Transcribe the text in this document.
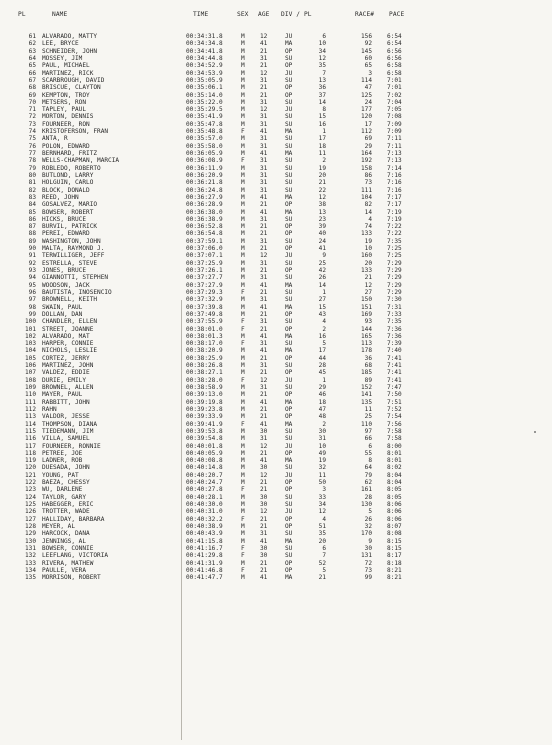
PL	NAME	TIME	SEX AGE DIV / PL	RACE# PACE
61 ALVARADO, MATTY	00:34:31.8	M	12	JU	6	156 6:54
62 LEE, BRYCE	00:34:34.8	M	41	MA	10	92 6:54
63 SCHNEIDER, JOHN	00:34:41.8	M	21	OP	34	145 6:56
64 MOSSEY, JIM	00:34:44.8	M	31	SU	12	60 6:56
65 PAUL, MICHAEL	00:34:52.9	M	21	OP	35	65 6:58
66 MARTINEZ, RICK	00:34:53.9	M	12	JU	7	3 6:58
67 SCARBROUGH, DAVID	00:35:05.9	M	31	SU	13	114 7:01
68 BRISCUE, CLAYTON	00:35:06.1	M	21	OP	36	47 7:01
69 KEMPTON, TROY	00:35:14.0	M	21	OP	37	125 7:02
70 METSERS, RON	00:35:22.0	M	31	SU	14	24 7:04
71 TAPLEY, PAUL	00:35:29.5	M	12	JU	8	177 7:05
72 MORTON, DENNIS	00:35:41.9	M	31	SU	15	120 7:08
73 FOURNEER, RON	00:35:47.8	M	31	SU	16	17 7:09
74 KRISTOFERSON, FRAN	00:35:48.8	F	41	MA	1	112 7:09
75 ANTA, R	00:35:57.0	M	31	SU	17	69 7:11
76 POLON, EDWARD	00:35:58.0	M	31	SU	18	29 7:11
77 BERNHARD, FRITZ	00:36:05.9	M	41	MA	11	164 7:13
78 WELLS-CHAPMAN, MARCIA	00:36:08.9	F	31	SU	2	192 7:13
79 ROBLEDO, ROBERTO	00:36:11.9	M	31	SU	19	158 7:14
80 BUTLOND, LARRY	00:36:20.9	M	31	SU	20	86 7:16
81 HOLGUIN, CARLO	00:36:21.8	M	31	SU	21	73 7:16
82 BLOCK, DONALD	00:36:24.8	M	31	SU	22	111 7:16
83 REED, JOHN	00:36:27.9	M	41	MA	12	104 7:17
84 GOSALVEZ, MARIO	00:36:28.9	M	21	OP	38	82 7:17
85 BOWSER, ROBERT	00:36:38.0	M	41	MA	13	14 7:19
86 HICKS, BRUCE	00:36:38.9	M	31	SU	23	4 7:19
87 BURVIL, PATRICK	00:36:52.8	M	21	OP	39	74 7:22
88 PEREI, EDWARD	00:36:54.8	M	21	OP	40	133 7:22
89 WASHINGTON, JOHN	00:37:59.1	M	31	SU	24	19 7:35
90 MALTA, RAYMOND J.	00:37:06.0	M	21	OP	41	10 7:25
91 TERWILLIGER, JEFF	00:37:07.1	M	12	JU	9	160 7:25
92 ESTRELLA, STEVE	00:37:25.9	M	31	SU	25	20 7:29
93 JONES, BRUCE	00:37:26.1	M	21	OP	42	133 7:29
94 GIANNOTTI, STEPHEN	00:37:27.7	M	31	SU	26	21 7:29
95 WOODSON, JACK	00:37:27.9	M	41	MA	14	12 7:29
96 BAUTISTA, INOSENCIO	00:37:29.3	F	21	SU	1	27 7:29
97 BROWNELL, KEITH	00:37:32.9	M	31	SU	27	150 7:30
98 SWAIN, PAUL	00:37:39.8	M	41	MA	15	151 7:31
99 DOLLAN, DAN	00:37:49.8	M	21	OP	43	169 7:33
100 CHANDLER, ELLEN	00:37:55.9	F	31	SU	4	93 7:35
101 STREET, JOANNE	00:38:01.0	F	21	OP	2	144 7:36
102 ALVARADO, MAT	00:38:01.3	M	41	MA	16	165 7:36
103 HARPER, CONNIE	00:38:17.0	F	31	SU	5	113 7:39
104 NICHOLS, LESLIE	00:38:20.9	M	41	MA	17	178 7:40
105 CORTEZ, JERRY	00:38:25.9	M	21	OP	44	36 7:41
106 MARTINEZ, JOHN	00:38:26.8	M	31	SU	28	68 7:41
107 VALDEZ, EDDIE	00:38:27.1	M	21	OP	45	185 7:41
108 DURIE, EMILY	00:38:28.0	F	12	JU	1	89 7:41
109 BROWNEL, ALLEN	00:38:58.9	M	31	SU	29	152 7:47
110 MAYER, PAUL	00:39:13.0	M	21	OP	46	141 7:50
111 RABBITT, JOHN	00:39:19.8	M	41	MA	18	135 7:51
112 RAHN	00:39:23.8	M	21	OP	47	11 7:52
113 VALDOR, JESSE	00:39:33.9	M	21	OP	48	25 7:54
114 THOMPSON, DIANA	00:39:41.9	F	41	MA	2	110 7:56
115 TIEDEMANN, JIM	00:39:53.8	M	30	SU	30	97 7:58
116 VILLA, SAMUEL	00:39:54.8	M	31	SU	31	66 7:58
117 FOURNEER, RONNIE	00:40:01.8	M	12	JU	10	6 8:00
118 PETREE, JOE	00:40:05.9	M	21	OP	49	55 8:01
119 LADNER, ROB	00:40:08.8	M	41	MA	19	8 8:01
120 DUESADA, JOHN	00:40:14.8	M	30	SU	32	64 8:02
121 YOUNG, PAT	00:40:20.7	M	12	JU	11	79 8:04
122 BAEZA, CHESSY	00:40:24.7	M	21	OP	50	62 8:04
123 WU, DARLENE	00:40:27.8	F	21	OP	3	161 8:05
124 TAYLOR, GARY	00:40:28.1	M	30	SU	33	28 8:05
125 HABEGGER, ERIC	00:40:30.0	M	30	SU	34	130 8:06
126 TROTTER, WADE	00:40:31.0	M	12	JU	12	5 8:06
127 HALLIDAY, BARBARA	00:40:32.2	F	21	OP	4	26 8:06
128 MEYER, AL	00:40:38.9	M	21	OP	51	32 8:07
129 HARCOCK, DANA	00:40:43.9	M	31	SU	35	170 8:08
130 JENNINGS, AL	00:41:15.8	M	41	MA	20	9 8:15
131 BOWSER, CONNIE	00:41:16.7	F	30	SU	6	30 8:15
132 LEEFLANG, VICTORIA	00:41:29.8	F	30	SU	7	131 8:17
133 RIVERA, MATHEW	00:41:31.9	M	21	OP	52	72 8:18
134 PAULLE, VERA	00:41:46.8	F	21	OP	5	73 8:21
135 MORRISON, ROBERT	00:41:47.7	M	41	MA	21	99 8:21
